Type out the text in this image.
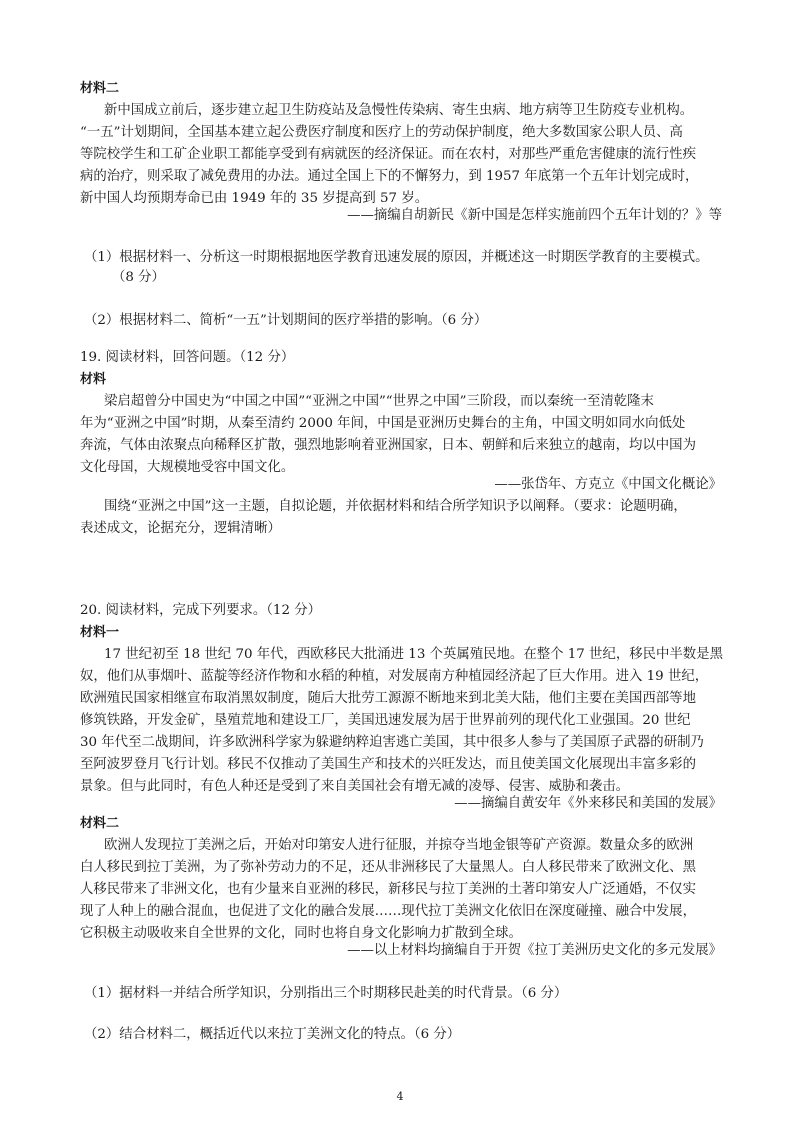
材料二
新中国成立前后，逐步建立起卫生防疫站及急慢性传染病、寄生虫病、地方病等卫生防疫专业机构。
“一五”计划期间，全国基本建立起公费医疗制度和医疗上的劳动保护制度，绝大多数国家公职人员、高
等院校学生和工矿企业职工都能享受到有病就医的经济保证。而在农村，对那些严重危害健康的流行性疾
病的治疗，则采取了减免费用的办法。通过全国上下的不懈努力，到 1957 年底第一个五年计划完成时，
新中国人均预期寿命已由 1949 年的 35 岁提高到 57 岁。
——摘编自胡新民《新中国是怎样实施前四个五年计划的？》等
（1）根据材料一、分析这一时期根据地医学教育迅速发展的原因，并概述这一时期医学教育的主要模式。
（8 分）
（2）根据材料二、简析“一五”计划期间的医疗举措的影响。（6 分）
19. 阅读材料，回答问题。（12 分）
材料
梁启超曾分中国史为“中国之中国”“亚洲之中国”“世界之中国”三阶段，而以秦统一至清乾隆末
年为“亚洲之中国”时期，从秦至清约 2000 年间，中国是亚洲历史舞台的主角，中国文明如同水向低处
奔流，气体由浓聚点向稀释区扩散，强烈地影响着亚洲国家，日本、朝鲜和后来独立的越南，均以中国为
文化母国，大规模地受容中国文化。
——张岱年、方克立《中国文化概论》
围绕“亚洲之中国”这一主题，自拟论题，并依据材料和结合所学知识予以阐释。（要求：论题明确，
表述成文，论据充分，逻辑清晰）
20. 阅读材料，完成下列要求。（12 分）
材料一
17 世纪初至 18 世纪 70 年代，西欧移民大批涌进 13 个英属殖民地。在整个 17 世纪，移民中半数是黑
奴，他们从事烟叶、蓝靛等经济作物和水稻的种植，对发展南方种植园经济起了巨大作用。进入 19 世纪，
欧洲殖民国家相继宣布取消黑奴制度，随后大批劳工源源不断地来到北美大陆，他们主要在美国西部等地
修筑铁路，开发金矿，垦殖荒地和建设工厂，美国迅速发展为居于世界前列的现代化工业强国。20 世纪
30 年代至二战期间，许多欧洲科学家为躲避纳粹迫害逃亡美国，其中很多人参与了美国原子武器的研制乃
至阿波罗登月飞行计划。移民不仅推动了美国生产和技术的兴旺发达，而且使美国文化展现出丰富多彩的
景象。但与此同时，有色人种还是受到了来自美国社会有增无减的凌辱、侵害、威胁和袭击。
——摘编自黄安年《外来移民和美国的发展》
材料二
欧洲人发现拉丁美洲之后，开始对印第安人进行征服，并掠夺当地金银等矿产资源。数量众多的欧洲
白人移民到拉丁美洲，为了弥补劳动力的不足，还从非洲移民了大量黑人。白人移民带来了欧洲文化、黑
人移民带来了非洲文化，也有少量来自亚洲的移民，新移民与拉丁美洲的土著印第安人广泛通婚，不仅实
现了人种上的融合混血，也促进了文化的融合发展……现代拉丁美洲文化依旧在深度碰撞、融合中发展，
它积极主动吸收来自全世界的文化，同时也将自身文化影响力扩散到全球。
——以上材料均摘编自于开贺《拉丁美洲历史文化的多元发展》
（1）据材料一并结合所学知识，分别指出三个时期移民赴美的时代背景。（6 分）
（2）结合材料二，概括近代以来拉丁美洲文化的特点。（6 分）
4
